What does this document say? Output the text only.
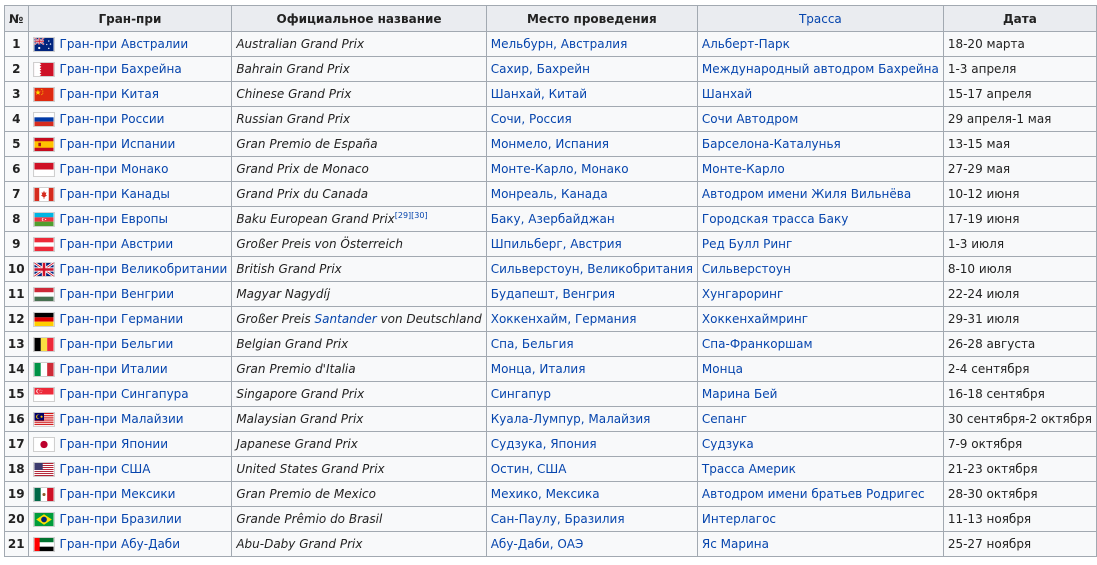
№	Гран-при	Официальное название	Место проведения	Трасса	Дата
1	Гран-при Австралии	Australian Grand Prix	Мельбурн, Австралия	Альберт-Парк	18-20 марта
2	Гран-при Бахрейна	Bahrain Grand Prix	Сахир, Бахрейн	Международный автодром Бахрейна	1-3 апреля
3	Гран-при Китая	Chinese Grand Prix	Шанхай, Китай	Шанхай	15-17 апреля
4	Гран-при России	Russian Grand Prix	Сочи, Россия	Сочи Автодром	29 апреля-1 мая
5	Гран-при Испании	Gran Premio de España	Монмело, Испания	Барселона-Каталунья	13-15 мая
6	Гран-при Монако	Grand Prix de Monaco	Монте-Карло, Монако	Монте-Карло	27-29 мая
7	Гран-при Канады	Grand Prix du Canada	Монреаль, Канада	Автодром имени Жиля Вильнёва	10-12 июня
8	Гран-при Европы	Baku European Grand Prix[29][30]	Баку, Азербайджан	Городская трасса Баку	17-19 июня
9	Гран-при Австрии	Großer Preis von Österreich	Шпильберг, Австрия	Ред Булл Ринг	1-3 июля
10	Гран-при Великобритании	British Grand Prix	Сильверстоун, Великобритания	Сильверстоун	8-10 июля
11	Гран-при Венгрии	Magyar Nagydíj	Будапешт, Венгрия	Хунгароринг	22-24 июля
12	Гран-при Германии	Großer Preis Santander von Deutschland	Хоккенхайм, Германия	Хоккенхаймринг	29-31 июля
13	Гран-при Бельгии	Belgian Grand Prix	Спа, Бельгия	Спа-Франкоршам	26-28 августа
14	Гран-при Италии	Gran Premio d'Italia	Монца, Италия	Монца	2-4 сентября
15	Гран-при Сингапура	Singapore Grand Prix	Сингапур	Марина Бей	16-18 сентября
16	Гран-при Малайзии	Malaysian Grand Prix	Куала-Лумпур, Малайзия	Сепанг	30 сентября-2 октября
17	Гран-при Японии	Japanese Grand Prix	Судзука, Япония	Судзука	7-9 октября
18	Гран-при США	United States Grand Prix	Остин, США	Трасса Америк	21-23 октября
19	Гран-при Мексики	Gran Premio de Mexico	Мехико, Мексика	Автодром имени братьев Родригес	28-30 октября
20	Гран-при Бразилии	Grande Prêmio do Brasil	Сан-Паулу, Бразилия	Интерлагос	11-13 ноября
21	Гран-при Абу-Даби	Abu-Daby Grand Prix	Абу-Даби, ОАЭ	Яс Марина	25-27 ноября
